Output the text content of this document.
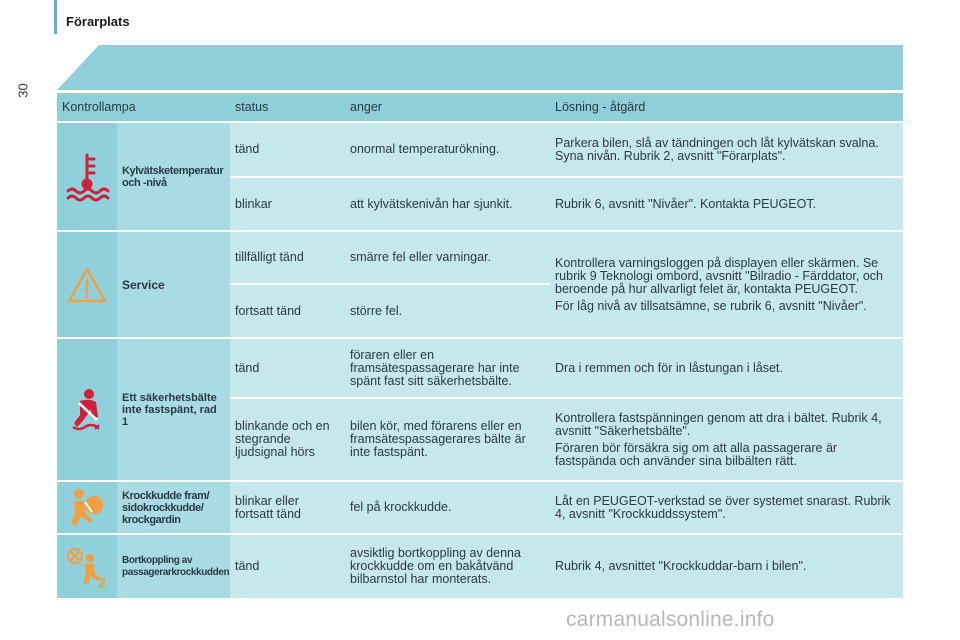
Förarplats
30
Kontrollampa		status	anger	Lösning - åtgärd

	Kylvätsketemperatur och -nivå	tänd	onormal temperaturökning.	Parkera bilen, slå av tändningen och låt kylvätskan svalna. Syna nivån. Rubrik 2, avsnitt "Förarplats".
		blinkar	att kylvätskenivån har sjunkit.	Rubrik 6, avsnitt "Nivåer". Kontakta PEUGEOT.

	Service	tillfälligt tänd	smärre fel eller varningar.	Kontrollera varningsloggen på displayen eller skärmen. Se rubrik 9 Teknologi ombord, avsnitt "Bilradio - Färddator, och beroende på hur allvarligt felet är, kontakta PEUGEOT.

För låg nivå av tillsatsämne, se rubrik 6, avsnitt "Nivåer".

		fortsatt tänd	större fel.	

	Ett säkerhetsbälte inte fastspänt, rad 1	tänd	föraren eller en framsätespassagerare har inte spänt fast sitt säkerhetsbälte.	Dra i remmen och för in låstungan i låset.
		blinkande och en stegrande ljudsignal hörs	bilen kör, med förarens eller en framsätespassagerares bälte är inte fastspänt.	Kontrollera fastspänningen genom att dra i bältet. Rubrik 4, avsnitt "Säkerhetsbälte".

Föraren bör försäkra sig om att alla passagerare är fastspända och använder sina bilbälten rätt.

	Krockkudde fram/ sidokrockkudde/ krockgardin	blinkar eller fortsatt tänd	fel på krockkudde.	Låt en PEUGEOT-verkstad se över systemet snarast. Rubrik 4, avsnitt "Krockkuddssystem".

2	Bortkoppling av passagerarkrockkudden	tänd	avsiktlig bortkoppling av denna krockkudde om en bakåtvänd bilbarnstol har monterats.	Rubrik 4, avsnittet "Krockkuddar-barn i bilen".
carmanualsonline.info
